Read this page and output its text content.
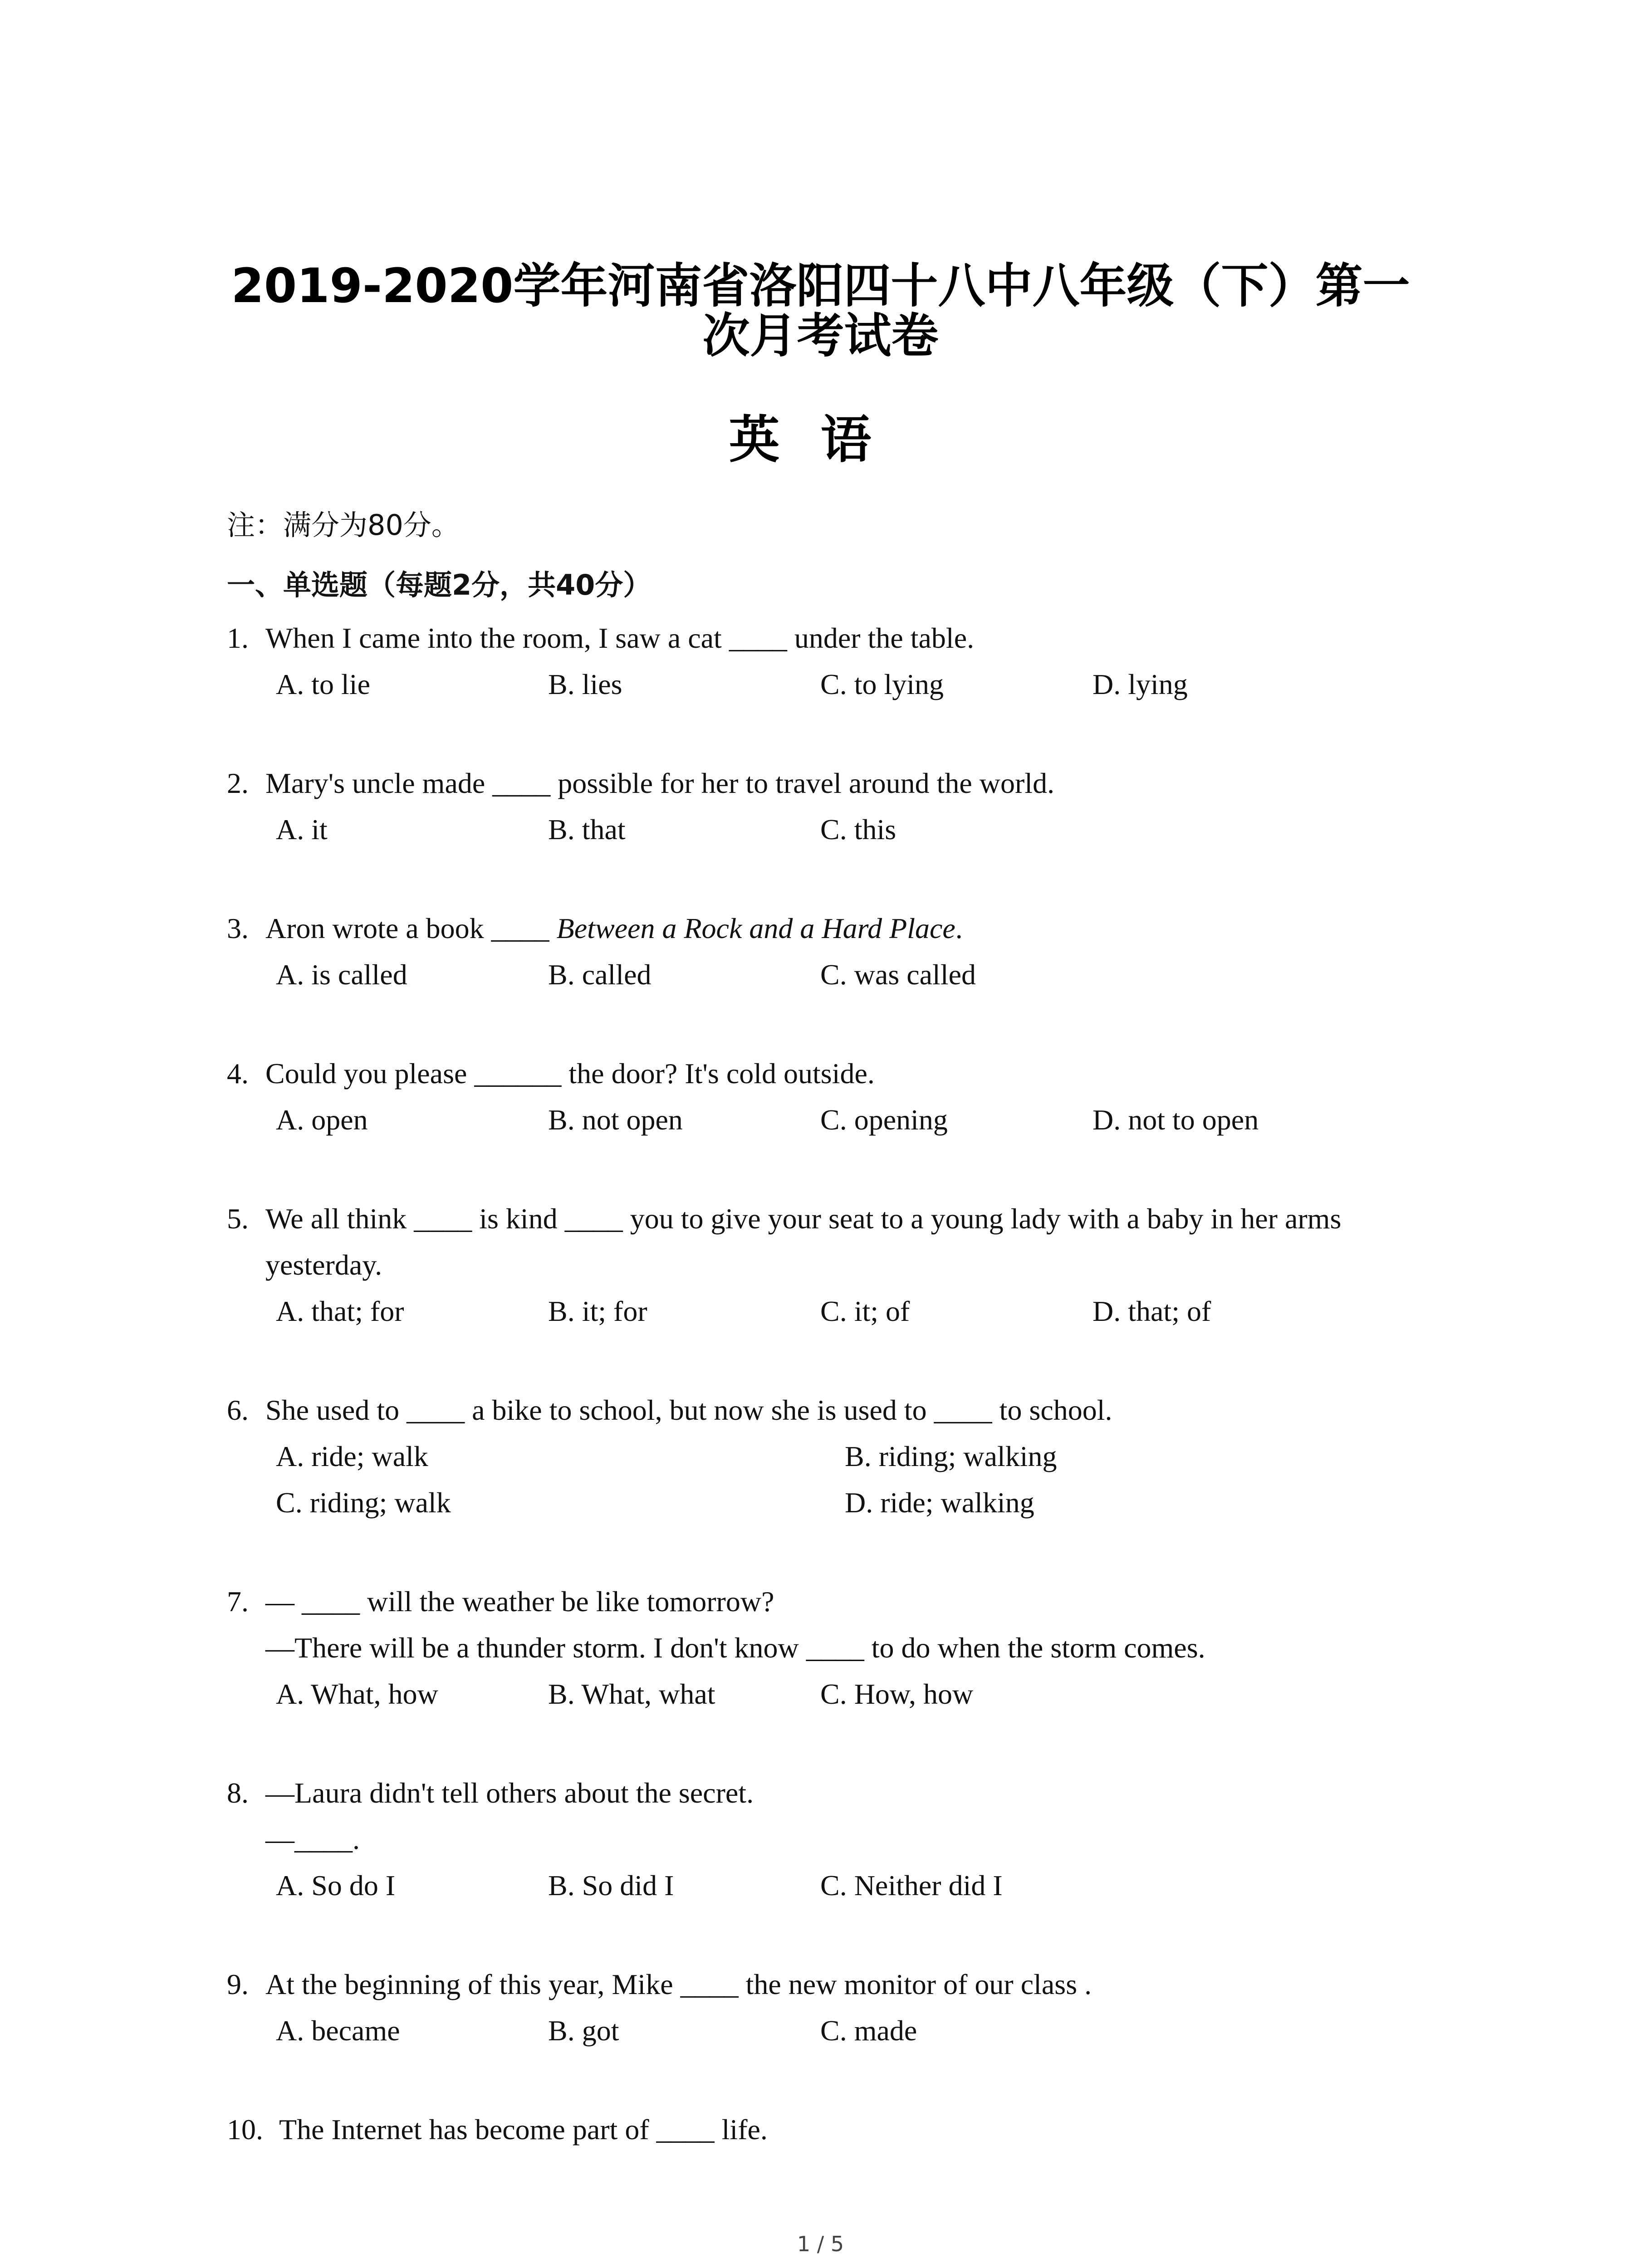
2019-2020学年河南省洛阳四十八中八年级（下）第一
次月考试卷
英语
注：满分为80分。
一、单选题（每题2分，共40分）
1. When I came into the room, I saw a cat ____ under the table.
A. to lie	B. lies	C. to lying	D. lying
2. Mary's uncle made ____ possible for her to travel around the world.
A. it	B. that	C. this
3. Aron wrote a book ____ Between a Rock and a Hard Place.
A. is called	B. called	C. was called
4. Could you please ______ the door? It's cold outside.
A. open	B. not open	C. opening	D. not to open
5. We all think ____ is kind ____ you to give your seat to a young lady with a baby in her arms
yesterday.
A. that; for	B. it; for	C. it; of	D. that; of
6. She used to ____ a bike to school, but now she is used to ____ to school.
A. ride; walk	B. riding; walking
C. riding; walk	D. ride; walking
7. — ____ will the weather be like tomorrow?
—There will be a thunder storm. I don't know ____ to do when the storm comes.
A. What, how	B. What, what	C. How, how
8. —Laura didn't tell others about the secret.
—____.
A. So do I	B. So did I	C. Neither did I
9. At the beginning of this year, Mike ____ the new monitor of our class .
A. became	B. got	C. made
10. The Internet has become part of ____ life.
1 / 5
